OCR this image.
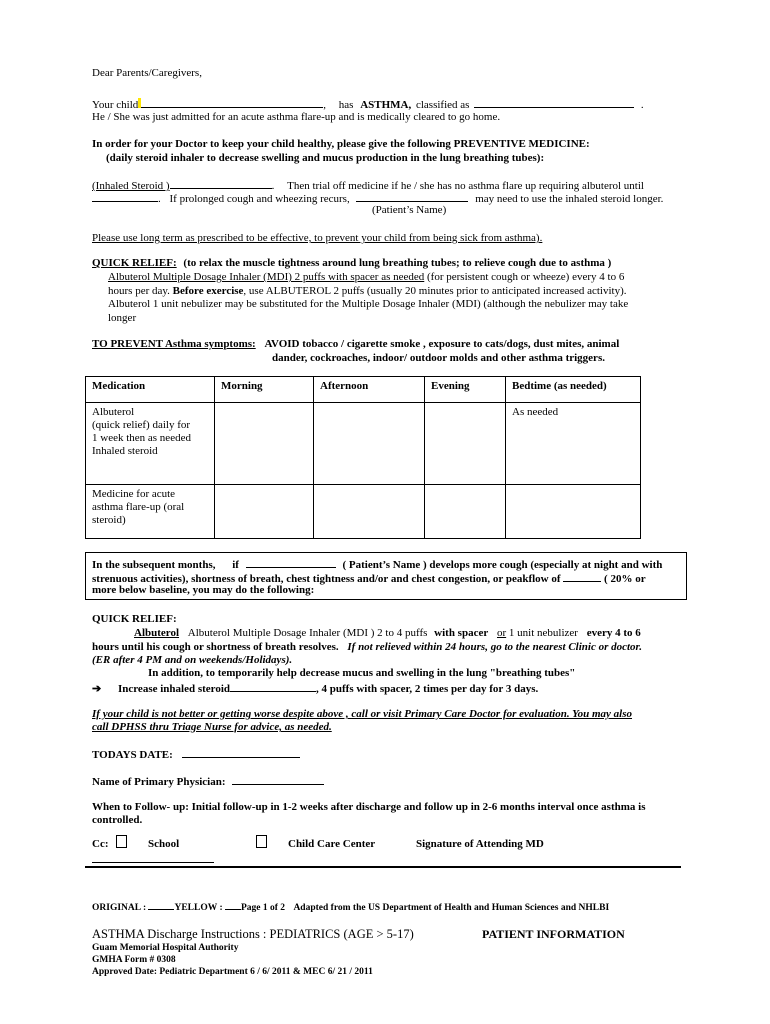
Dear Parents/Caregivers,
Your child	, has ASTHMA, classified as	.
He / She was just admitted for an acute asthma flare-up and is medically cleared to go home.
In order for your Doctor to keep your child healthy, please give the following PREVENTIVE MEDICINE:
(daily steroid inhaler to decrease swelling and mucus production in the lung breathing tubes):
(Inhaled Steroid )	. Then trial off medicine if he / she has no asthma flare up requiring albuterol until
. If prolonged cough and wheezing recurs,	may need to use the inhaled steroid longer.
(Patient’s Name)
Please use long term as prescribed to be effective, to prevent your child from being sick from asthma).
QUICK RELIEF: (to relax the muscle tightness around lung breathing tubes; to relieve cough due to asthma )
Albuterol Multiple Dosage Inhaler (MDI) 2 puffs with spacer as needed (for persistent cough or wheeze) every 4 to 6
hours per day. Before exercise, use ALBUTEROL 2 puffs (usually 20 minutes prior to anticipated increased activity).
Albuterol 1 unit nebulizer may be substituted for the Multiple Dosage Inhaler (MDI) (although the nebulizer may take
longer
TO PREVENT Asthma symptoms: AVOID tobacco / cigarette smoke , exposure to cats/dogs, dust mites, animal
dander, cockroaches, indoor/ outdoor molds and other asthma triggers.
Medication	Morning	Afternoon	Evening	Bedtime (as needed)

Albuterol
(quick relief) daily for
1 week then as needed
Inhaled steroid				As needed

Medicine for acute
asthma flare-up (oral
steroid)				

In the subsequent months, if	( Patient’s Name ) develops more cough (especially at night and with
strenuous activities), shortness of breath, chest tightness and/or and chest congestion, or peakflow of	( 20% or
more below baseline, you may do the following:
QUICK RELIEF:
Albuterol Albuterol Multiple Dosage Inhaler (MDI ) 2 to 4 puffs with spacer or 1 unit nebulizer every 4 to 6
hours until his cough or shortness of breath resolves. If not relieved within 24 hours, go to the nearest Clinic or doctor.
(ER after 4 PM and on weekends/Holidays).
In addition, to temporarily help decrease mucus and swelling in the lung "breathing tubes"
➔ Increase inhaled steroid	, 4 puffs with spacer, 2 times per day for 3 days.
If your child is not better or getting worse despite above , call or visit Primary Care Doctor for evaluation. You may also
call DPHSS thru Triage Nurse for advice, as needed.
TODAYS DATE:
Name of Primary Physician:
When to Follow- up: Initial follow-up in 1-2 weeks after discharge and follow up in 2-6 months interval once asthma is
controlled.
Cc:	School	Child Care Center	Signature of Attending MD
ORIGINAL :	YELLOW : Page 1 of 2 Adapted from the US Department of Health and Human Sciences and NHLBI
ASTHMA Discharge Instructions : PEDIATRICS (AGE > 5-17)	PATIENT INFORMATION
Guam Memorial Hospital Authority
GMHA Form # 0308
Approved Date: Pediatric Department 6 / 6/ 2011 & MEC 6/ 21 / 2011
